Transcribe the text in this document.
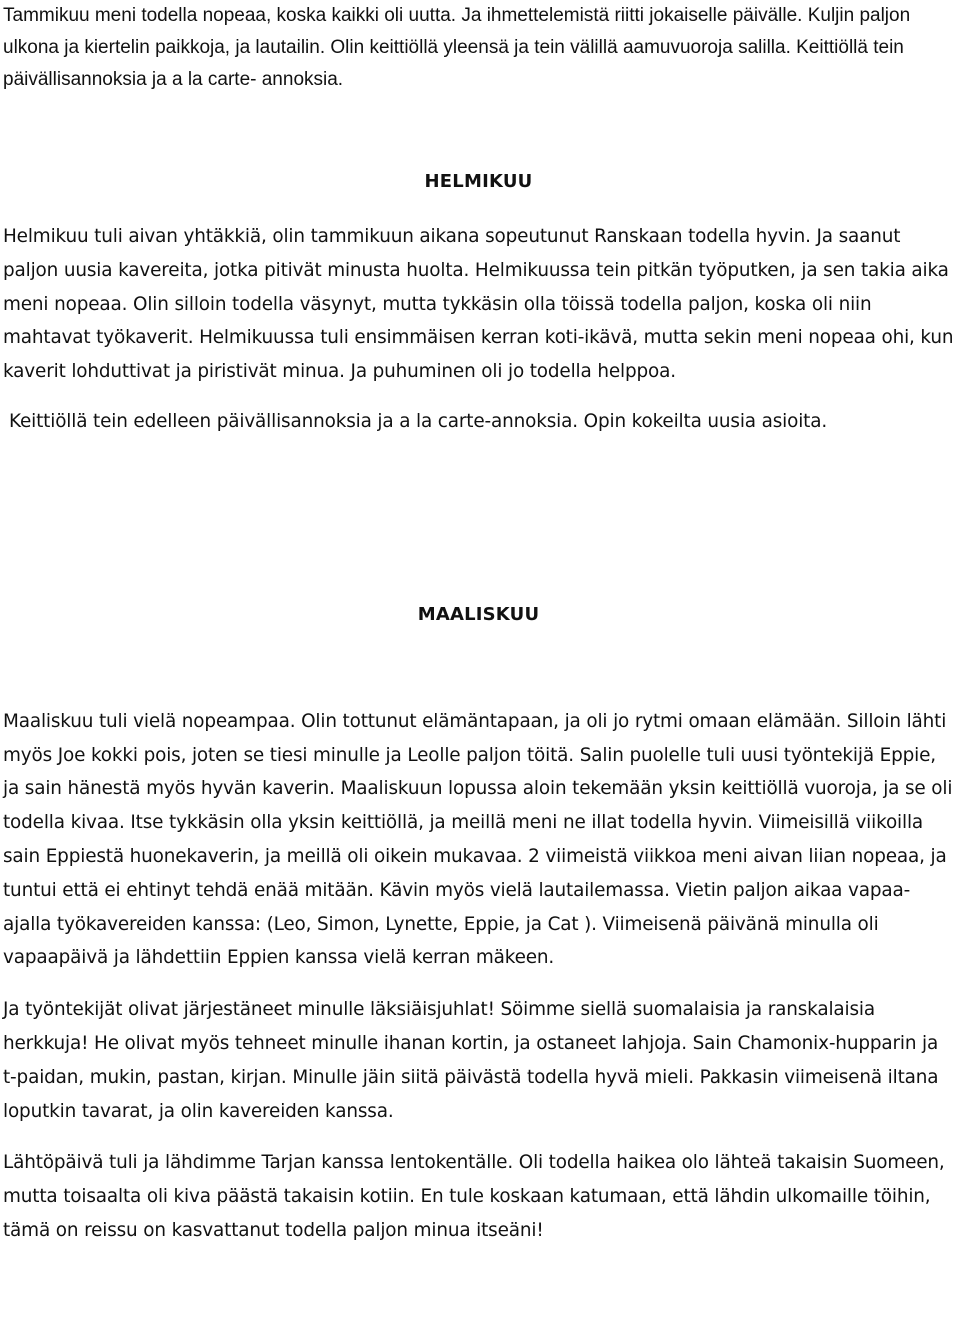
Tammikuu meni todella nopeaa, koska kaikki oli uutta. Ja ihmettelemistä riitti jokaiselle päivälle. Kuljin paljon ulkona ja kiertelin paikkoja, ja lautailin. Olin keittiöllä yleensä ja tein välillä aamuvuoroja salilla. Keittiöllä tein päivällisannoksia ja a la carte- annoksia.

HELMIKUU

Helmikuu tuli aivan yhtäkkiä, olin tammikuun aikana sopeutunut Ranskaan todella hyvin. Ja saanut paljon uusia kavereita, jotka pitivät minusta huolta. Helmikuussa tein pitkän työputken, ja sen takia aika meni nopeaa. Olin silloin todella väsynyt, mutta tykkäsin olla töissä todella paljon, koska oli niin mahtavat työkaverit. Helmikuussa tuli ensimmäisen kerran koti-ikävä, mutta sekin meni nopeaa ohi, kun kaverit lohduttivat ja piristivät minua. Ja puhuminen oli jo todella helppoa.

Keittiöllä tein edelleen päivällisannoksia ja a la carte-annoksia. Opin kokeilta uusia asioita.

MAALISKUU

Maaliskuu tuli vielä nopeampaa. Olin tottunut elämäntapaan, ja oli jo rytmi omaan elämään. Silloin lähti myös Joe kokki pois, joten se tiesi minulle ja Leolle paljon töitä. Salin puolelle tuli uusi työntekijä Eppie, ja sain hänestä myös hyvän kaverin. Maaliskuun lopussa aloin tekemään yksin keittiöllä vuoroja, ja se oli todella kivaa. Itse tykkäsin olla yksin keittiöllä, ja meillä meni ne illat todella hyvin. Viimeisillä viikoilla sain Eppiestä huonekaverin, ja meillä oli oikein mukavaa. 2 viimeistä viikkoa meni aivan liian nopeaa, ja tuntui että ei ehtinyt tehdä enää mitään. Kävin myös vielä lautailemassa. Vietin paljon aikaa vapaa-ajalla työkavereiden kanssa: (Leo, Simon, Lynette, Eppie, ja Cat ). Viimeisenä päivänä minulla oli vapaapäivä ja lähdettiin Eppien kanssa vielä kerran mäkeen.

Ja työntekijät olivat järjestäneet minulle läksiäisjuhlat! Söimme siellä suomalaisia ja ranskalaisia herkkuja! He olivat myös tehneet minulle ihanan kortin, ja ostaneet lahjoja. Sain Chamonix-hupparin ja t-paidan, mukin, pastan, kirjan. Minulle jäin siitä päivästä todella hyvä mieli. Pakkasin viimeisenä iltana loputkin tavarat, ja olin kavereiden kanssa.

Lähtöpäivä tuli ja lähdimme Tarjan kanssa lentokentälle. Oli todella haikea olo lähteä takaisin Suomeen, mutta toisaalta oli kiva päästä takaisin kotiin. En tule koskaan katumaan, että lähdin ulkomaille töihin, tämä on reissu on kasvattanut todella paljon minua itseäni!
